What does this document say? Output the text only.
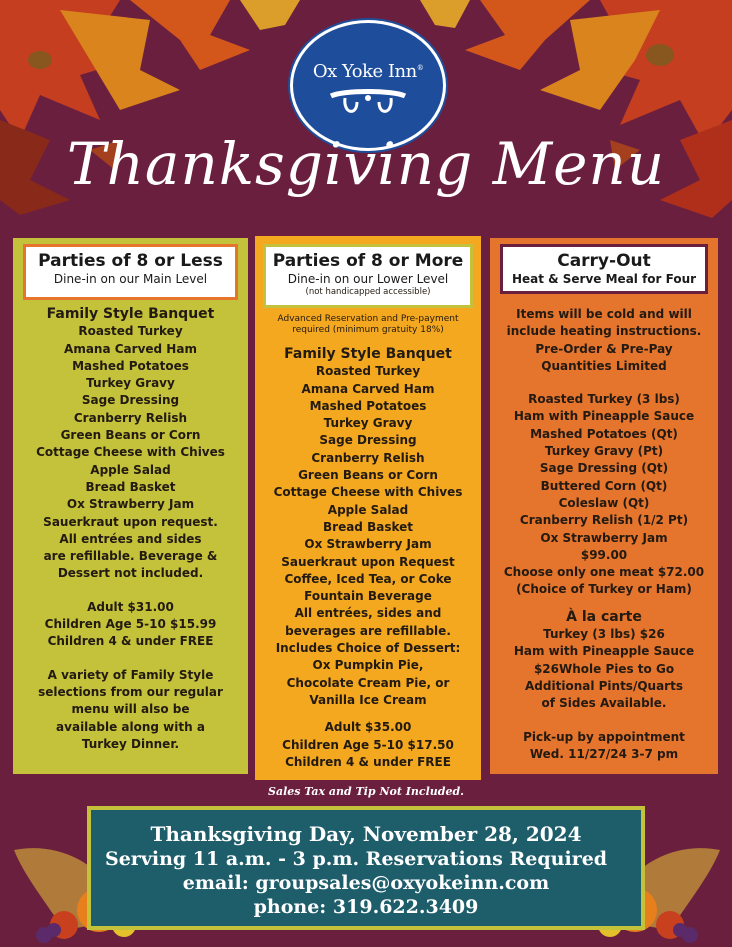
Ox Yoke Inn®
Thanksgiving Menu
Parties of 8 or Less
Dine-in on our Main Level
Family Style Banquet
Roasted Turkey
Amana Carved Ham
Mashed Potatoes
Turkey Gravy
Sage Dressing
Cranberry Relish
Green Beans or Corn
Cottage Cheese with Chives
Apple Salad
Bread Basket
Ox Strawberry Jam
Sauerkraut upon request.
All entrées and sides
are refillable. Beverage &
Dessert not included.
Adult $31.00
Children Age 5-10 $15.99
Children 4 & under FREE
A variety of Family Style
selections from our regular
menu will also be
available along with a
Turkey Dinner.
Parties of 8 or More
Dine-in on our Lower Level
(not handicapped accessible)
Advanced Reservation and Pre-payment required (minimum gratuity 18%)
Family Style Banquet
Roasted Turkey
Amana Carved Ham
Mashed Potatoes
Turkey Gravy
Sage Dressing
Cranberry Relish
Green Beans or Corn
Cottage Cheese with Chives
Apple Salad
Bread Basket
Ox Strawberry Jam
Sauerkraut upon Request
Coffee, Iced Tea, or Coke
Fountain Beverage
All entrées, sides and
beverages are refillable.
Includes Choice of Dessert:
Ox Pumpkin Pie,
Chocolate Cream Pie, or
Vanilla Ice Cream
Adult $35.00
Children Age 5-10 $17.50
Children 4 & under FREE
Carry-Out
Heat & Serve Meal for Four
Items will be cold and will
include heating instructions.
Pre-Order & Pre-Pay
Quantities Limited
Roasted Turkey (3 lbs)
Ham with Pineapple Sauce
Mashed Potatoes (Qt)
Turkey Gravy (Pt)
Sage Dressing (Qt)
Buttered Corn (Qt)
Coleslaw (Qt)
Cranberry Relish (1/2 Pt)
Ox Strawberry Jam
$99.00
Choose only one meat $72.00
(Choice of Turkey or Ham)
À la carte
Turkey (3 lbs) $26
Ham with Pineapple Sauce
$26Whole Pies to Go
Additional Pints/Quarts
of Sides Available.
Pick-up by appointment
Wed. 11/27/24 3-7 pm
Sales Tax and Tip Not Included.
Thanksgiving Day, November 28, 2024
Serving 11 a.m. - 3 p.m. Reservations Required
email: groupsales@oxyokeinn.com
phone: 319.622.3409
